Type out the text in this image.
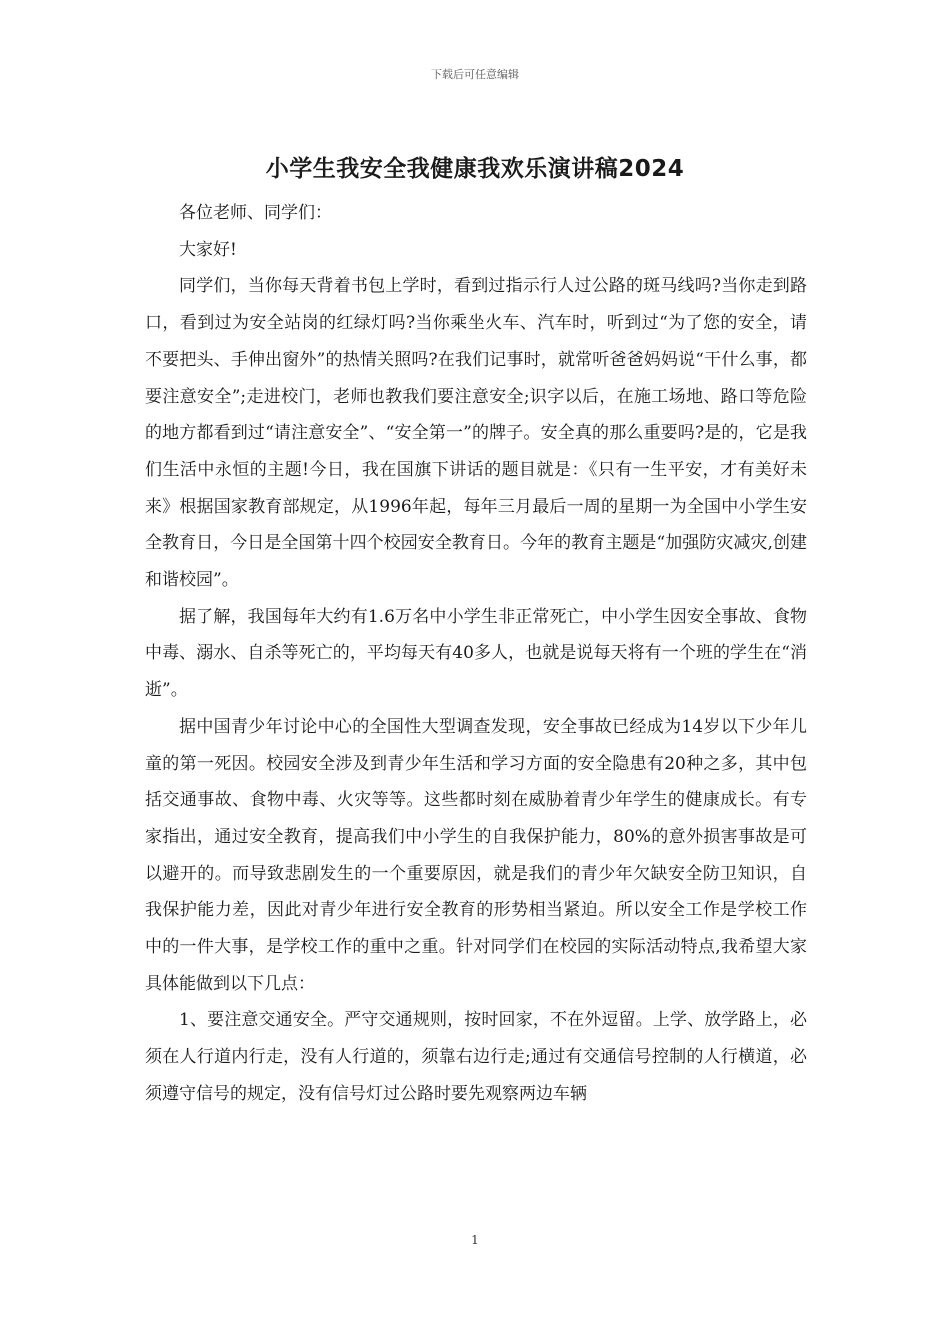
下载后可任意编辑
小学生我安全我健康我欢乐演讲稿2024

各位老师、同学们：

大家好!

同学们，当你每天背着书包上学时，看到过指示行人过公路的斑马线吗?当你走到路口，看到过为安全站岗的红绿灯吗?当你乘坐火车、汽车时，听到过“为了您的安全，请不要把头、手伸出窗外”的热情关照吗?在我们记事时，就常听爸爸妈妈说“干什么事，都要注意安全”;走进校门，老师也教我们要注意安全;识字以后，在施工场地、路口等危险的地方都看到过“请注意安全”、“安全第一”的牌子。安全真的那么重要吗?是的，它是我们生活中永恒的主题!今日，我在国旗下讲话的题目就是：《只有一生平安，才有美好未来》根据国家教育部规定，从1996年起，每年三月最后一周的星期一为全国中小学生安全教育日，今日是全国第十四个校园安全教育日。今年的教育主题是“加强防灾减灾,创建和谐校园”。

据了解，我国每年大约有1.6万名中小学生非正常死亡，中小学生因安全事故、食物中毒、溺水、自杀等死亡的，平均每天有40多人，也就是说每天将有一个班的学生在“消逝”。

据中国青少年讨论中心的全国性大型调查发现，安全事故已经成为14岁以下少年儿童的第一死因。校园安全涉及到青少年生活和学习方面的安全隐患有20种之多，其中包括交通事故、食物中毒、火灾等等。这些都时刻在威胁着青少年学生的健康成长。有专家指出，通过安全教育，提高我们中小学生的自我保护能力，80%的意外损害事故是可以避开的。而导致悲剧发生的一个重要原因，就是我们的青少年欠缺安全防卫知识，自我保护能力差，因此对青少年进行安全教育的形势相当紧迫。所以安全工作是学校工作中的一件大事，是学校工作的重中之重。针对同学们在校园的实际活动特点,我希望大家具体能做到以下几点：

1、要注意交通安全。严守交通规则，按时回家，不在外逗留。上学、放学路上，必须在人行道内行走，没有人行道的，须靠右边行走;通过有交通信号控制的人行横道，必须遵守信号的规定，没有信号灯过公路时要先观察两边车辆

1
